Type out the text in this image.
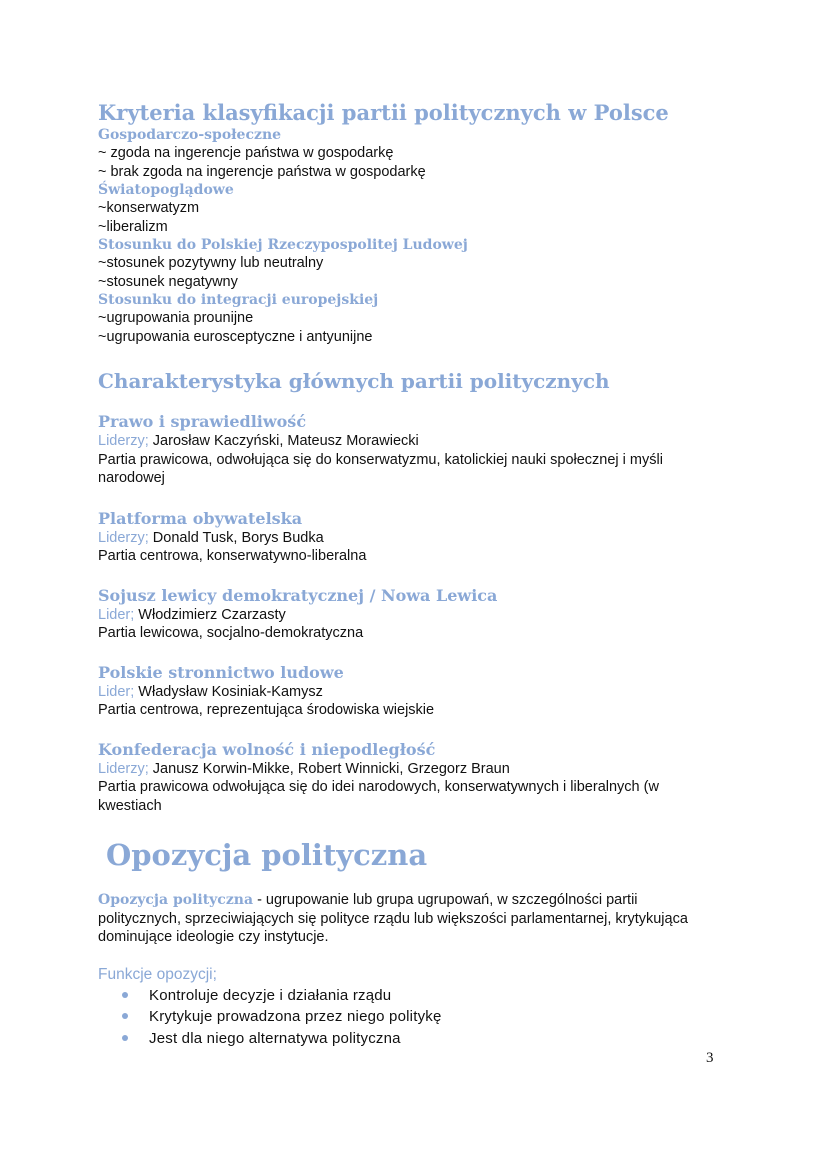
Kryteria klasyfikacji partii politycznych w Polsce

Gospodarczo-społeczne

~ zgoda na ingerencje państwa w gospodarkę

~ brak zgoda na ingerencje państwa w gospodarkę

Światopoglądowe

~konserwatyzm

~liberalizm

Stosunku do Polskiej Rzeczypospolitej Ludowej

~stosunek pozytywny lub neutralny

~stosunek negatywny

Stosunku do integracji europejskiej

~ugrupowania prounijne

~ugrupowania eurosceptyczne i antyunijne

Charakterystyka głównych partii politycznych

Prawo i sprawiedliwość

Liderzy; Jarosław Kaczyński, Mateusz Morawiecki

Partia prawicowa, odwołująca się do konserwatyzmu, katolickiej nauki społecznej i myśli

narodowej

Platforma obywatelska

Liderzy; Donald Tusk, Borys Budka

Partia centrowa, konserwatywno-liberalna

Sojusz lewicy demokratycznej / Nowa Lewica

Lider; Włodzimierz Czarzasty

Partia lewicowa, socjalno-demokratyczna

Polskie stronnictwo ludowe

Lider; Władysław Kosiniak-Kamysz

Partia centrowa, reprezentująca środowiska wiejskie

Konfederacja wolność i niepodległość

Liderzy; Janusz Korwin-Mikke, Robert Winnicki, Grzegorz Braun

Partia prawicowa odwołująca się do idei narodowych, konserwatywnych i liberalnych (w

kwestiach

Opozycja polityczna

Opozycja polityczna - ugrupowanie lub grupa ugrupowań, w szczególności partii

politycznych, sprzeciwiających się polityce rządu lub większości parlamentarnej, krytykująca

dominujące ideologie czy instytucje.

Funkcje opozycji;

Kontroluje decyzje i działania rządu
Krytykuje prowadzona przez niego politykę
Jest dla niego alternatywa polityczna
3
